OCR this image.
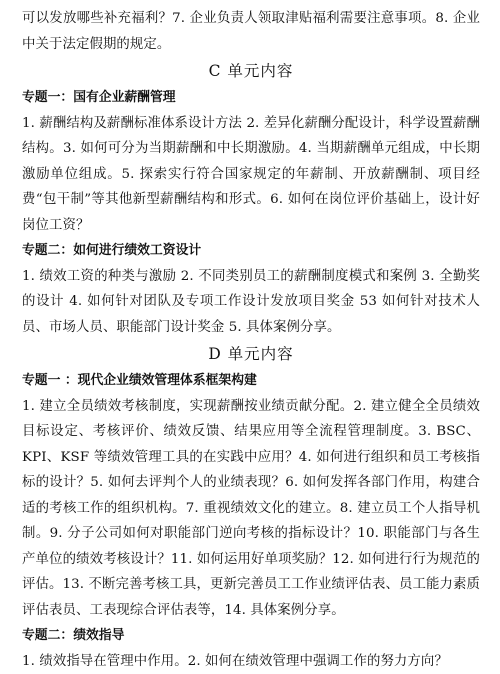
可以发放哪些补充福利？7. 企业负责人领取津贴福利需要注意事项。8. 企业中关于法定假期的规定。

C 单元内容
专题一：国有企业薪酬管理

1. 薪酬结构及薪酬标准体系设计方法 2. 差异化薪酬分配设计，科学设置薪酬结构。3. 如何可分为当期薪酬和中长期激励。4. 当期薪酬单元组成，中长期激励单位组成。5. 探索实行符合国家规定的年薪制、开放薪酬制、项目经费“包干制”等其他新型薪酬结构和形式。6. 如何在岗位评价基础上，设计好岗位工资？

专题二：如何进行绩效工资设计

1. 绩效工资的种类与激励 2. 不同类别员工的薪酬制度模式和案例 3. 全勤奖的设计 4. 如何针对团队及专项工作设计发放项目奖金 53 如何针对技术人员、市场人员、职能部门设计奖金 5. 具体案例分享。

D 单元内容
专题一 ：现代企业绩效管理体系框架构建

1. 建立全员绩效考核制度，实现薪酬按业绩贡献分配。2. 建立健全全员绩效目标设定、考核评价、绩效反馈、结果应用等全流程管理制度。3. BSC、KPI、KSF 等绩效管理工具的在实践中应用？4. 如何进行组织和员工考核指标的设计？5. 如何去评判个人的业绩表现？6. 如何发挥各部门作用，构建合适的考核工作的组织机构。7. 重视绩效文化的建立。8. 建立员工个人指导机制。9. 分子公司如何对职能部门逆向考核的指标设计？10. 职能部门与各生产单位的绩效考核设计？11. 如何运用好单项奖励？12. 如何进行行为规范的评估。13. 不断完善考核工具，更新完善员工工作业绩评估表、员工能力素质评估表员、工表现综合评估表等，14. 具体案例分享。

专题二：绩效指导

1. 绩效指导在管理中作用。2. 如何在绩效管理中强调工作的努力方向？
